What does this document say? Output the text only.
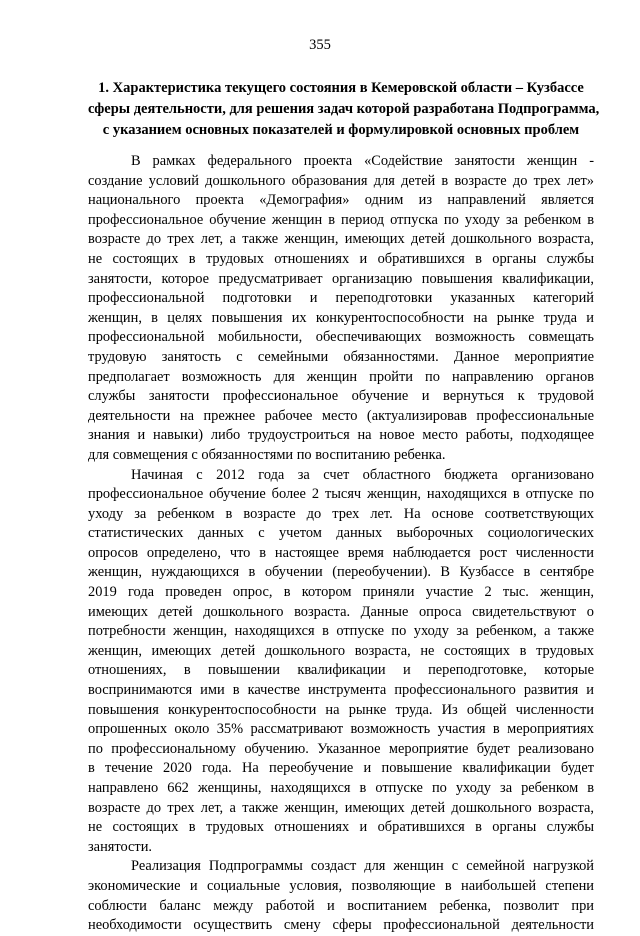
355
1. Характеристика текущего состояния в Кемеровской области – Кузбассе
сферы деятельности, для решения задач которой разработана Подпрограмма,
с указанием основных показателей и формулировкой основных проблем
В рамках федерального проекта «Содействие занятости женщин -
создание условий дошкольного образования для детей в возрасте до трех лет»
национального проекта «Демография» одним из направлений является
профессиональное обучение женщин в период отпуска по уходу за ребенком в
возрасте до трех лет, а также женщин, имеющих детей дошкольного возраста,
не состоящих в трудовых отношениях и обратившихся в органы службы
занятости, которое предусматривает организацию повышения квалификации,
профессиональной подготовки и переподготовки указанных категорий
женщин, в целях повышения их конкурентоспособности на рынке труда и
профессиональной мобильности, обеспечивающих возможность совмещать
трудовую занятость с семейными обязанностями. Данное мероприятие
предполагает возможность для женщин пройти по направлению органов
службы занятости профессиональное обучение и вернуться к трудовой
деятельности на прежнее рабочее место (актуализировав профессиональные
знания и навыки) либо трудоустроиться на новое место работы, подходящее
для совмещения с обязанностями по воспитанию ребенка.
Начиная с 2012 года за счет областного бюджета организовано
профессиональное обучение более 2 тысяч женщин, находящихся в отпуске по
уходу за ребенком в возрасте до трех лет. На основе соответствующих
статистических данных с учетом данных выборочных социологических
опросов определено, что в настоящее время наблюдается рост численности
женщин, нуждающихся в обучении (переобучении). В Кузбассе в сентябре
2019 года проведен опрос, в котором приняли участие 2 тыс. женщин,
имеющих детей дошкольного возраста. Данные опроса свидетельствуют о
потребности женщин, находящихся в отпуске по уходу за ребенком, а также
женщин, имеющих детей дошкольного возраста, не состоящих в трудовых
отношениях, в повышении квалификации и переподготовке, которые
воспринимаются ими в качестве инструмента профессионального развития и
повышения конкурентоспособности на рынке труда. Из общей численности
опрошенных около 35% рассматривают возможность участия в мероприятиях
по профессиональному обучению. Указанное мероприятие будет реализовано
в течение 2020 года. На переобучение и повышение квалификации будет
направлено 662 женщины, находящихся в отпуске по уходу за ребенком в
возрасте до трех лет, а также женщин, имеющих детей дошкольного возраста,
не состоящих в трудовых отношениях и обратившихся в органы службы
занятости.
Реализация Подпрограммы создаст для женщин с семейной нагрузкой
экономические и социальные условия, позволяющие в наибольшей степени
соблюсти баланс между работой и воспитанием ребенка, позволит при
необходимости осуществить смену сферы профессиональной деятельности
